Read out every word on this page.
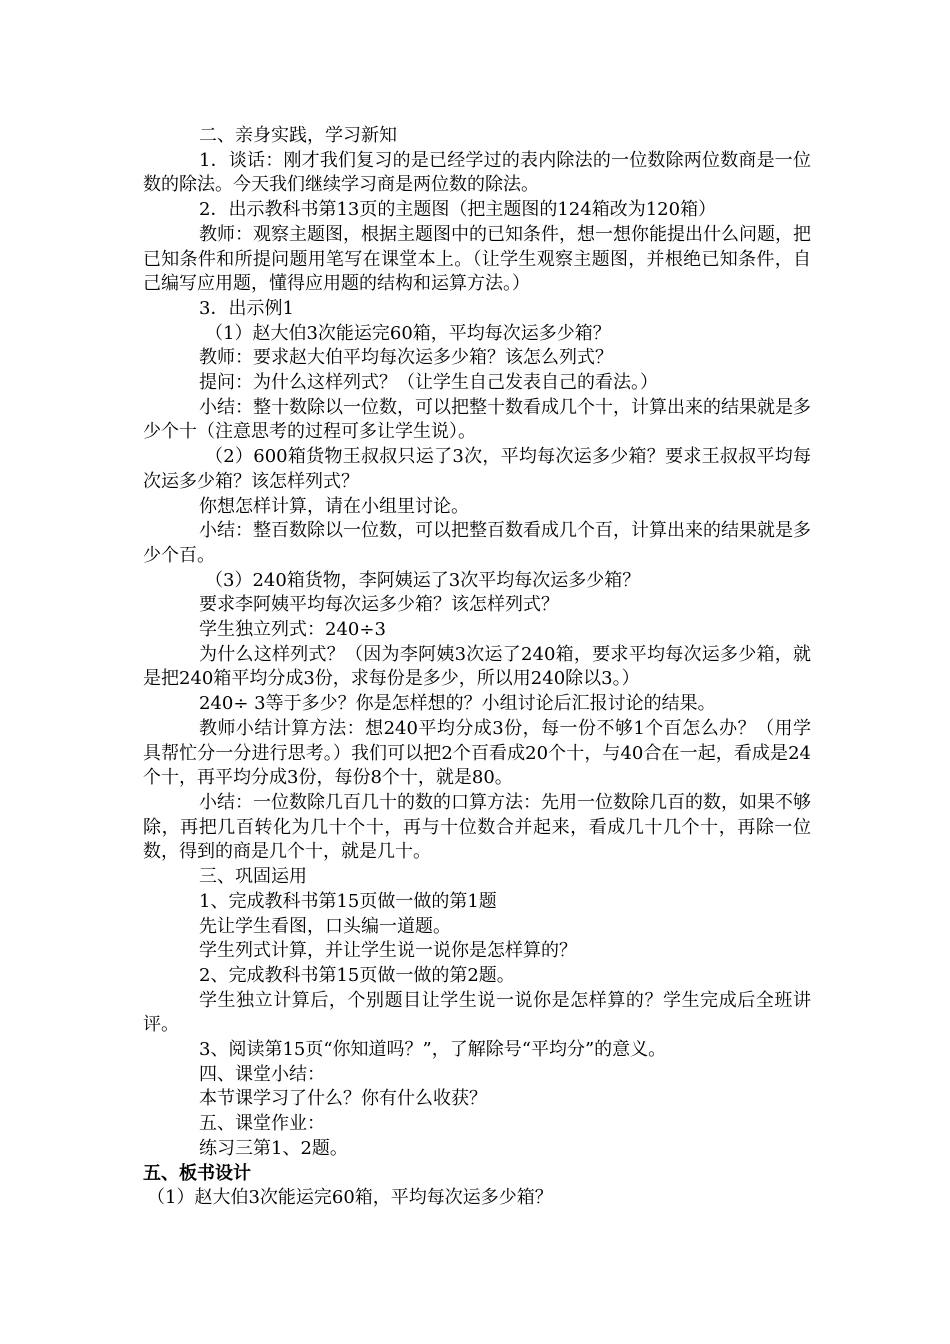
二、亲身实践，学习新知

1．谈话：刚才我们复习的是已经学过的表内除法的一位数除两位数商是一位数的除法。今天我们继续学习商是两位数的除法。

2．出示教科书第13页的主题图（把主题图的124箱改为120箱）

教师：观察主题图，根据主题图中的已知条件，想一想你能提出什么问题，把已知条件和所提问题用笔写在课堂本上。（让学生观察主题图，并根绝已知条件，自己编写应用题，懂得应用题的结构和运算方法。）

3．出示例1

（1）赵大伯3次能运完60箱，平均每次运多少箱？

教师：要求赵大伯平均每次运多少箱？该怎么列式？

提问：为什么这样列式？（让学生自己发表自己的看法。）

小结：整十数除以一位数，可以把整十数看成几个十，计算出来的结果就是多少个十（注意思考的过程可多让学生说）。

（2）600箱货物王叔叔只运了3次，平均每次运多少箱？要求王叔叔平均每次运多少箱？该怎样列式？

你想怎样计算，请在小组里讨论。

小结：整百数除以一位数，可以把整百数看成几个百，计算出来的结果就是多少个百。

（3）240箱货物，李阿姨运了3次平均每次运多少箱？

要求李阿姨平均每次运多少箱？该怎样列式？

学生独立列式：240÷3

为什么这样列式？（因为李阿姨3次运了240箱，要求平均每次运多少箱，就是把240箱平均分成3份，求每份是多少，所以用240除以3。）

240÷ 3等于多少？你是怎样想的？小组讨论后汇报讨论的结果。

教师小结计算方法：想240平均分成3份，每一份不够1个百怎么办？（用学具帮忙分一分进行思考。）我们可以把2个百看成20个十，与40合在一起，看成是24个十，再平均分成3份，每份8个十，就是80。

小结：一位数除几百几十的数的口算方法：先用一位数除几百的数，如果不够除，再把几百转化为几十个十，再与十位数合并起来，看成几十几个十，再除一位数，得到的商是几个十，就是几十。

三、巩固运用

1、完成教科书第15页做一做的第1题

先让学生看图，口头编一道题。

学生列式计算，并让学生说一说你是怎样算的？

2、完成教科书第15页做一做的第2题。

学生独立计算后，个别题目让学生说一说你是怎样算的？学生完成后全班讲评。

3、阅读第15页“你知道吗？”，了解除号“平均分”的意义。

四、课堂小结：

本节课学习了什么？你有什么收获？

五、课堂作业：

练习三第1、2题。

五、板书设计

（1）赵大伯3次能运完60箱，平均每次运多少箱？
